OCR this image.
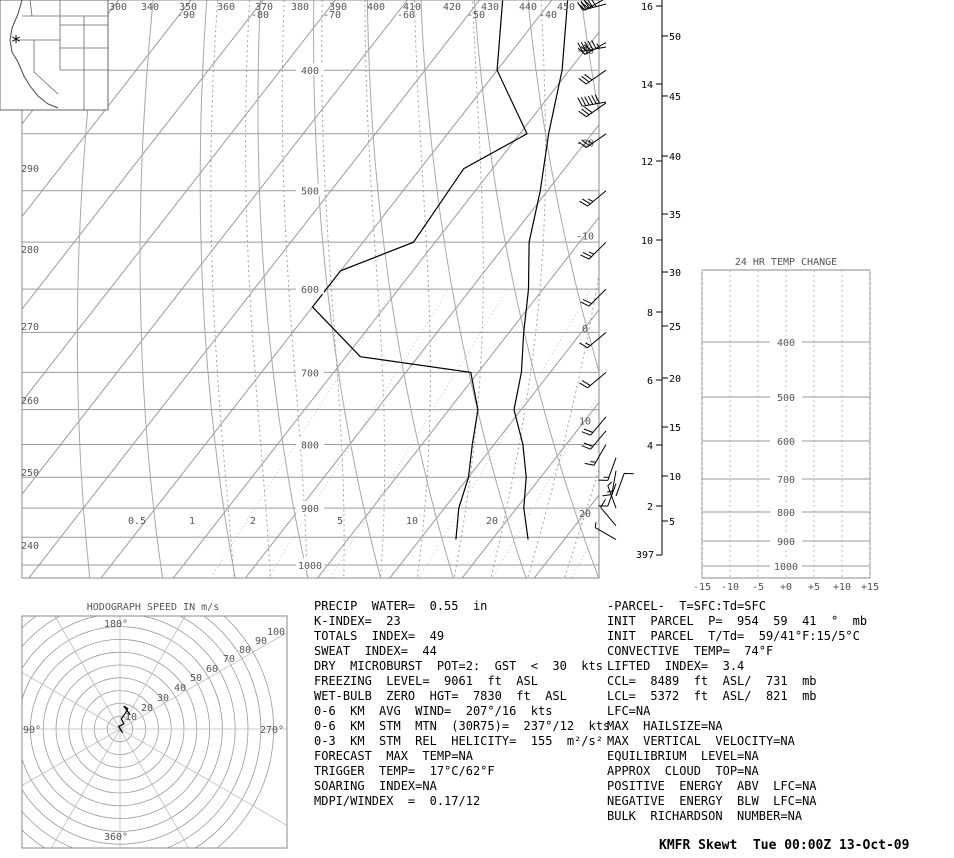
1000
900
800
700
600
500
400
-30
-20
-10
0
10
20
-90	-80	-70	-60	-50	-40
300 340 350 360 370 380 390 400 410 420 430 440 450
290
280
270
260
250
240
0.5	1	2	5	10	20
*
2
4
6
8
10
12
14
16
5
10
15
20
25
30
35
40
45
50
397
24 HR TEMP CHANGE
400
500
600
700
800
900
1000
-15 -10 -5 +0 +5 +10 +15
HODOGRAPH SPEED IN m/s
10
20
30
40
50
60
70
80
90
100
180°
360°
90°	270°
PRECIP  WATER=  0.55  in
K-INDEX=  23
TOTALS  INDEX=  49
SWEAT  INDEX=  44
DRY  MICROBURST  POT=2:  GST  <  30  kts
FREEZING  LEVEL=  9061  ft  ASL
WET-BULB  ZERO  HGT=  7830  ft  ASL
0-6  KM  AVG  WIND=  207°/16  kts
0-6  KM  STM  MTN  (30R75)=  237°/12  kts
0-3  KM  STM  REL  HELICITY=  155  m²/s²
FORECAST  MAX  TEMP=NA
TRIGGER  TEMP=  17°C/62°F
SOARING  INDEX=NA
MDPI/WINDEX  =  0.17/12
-PARCEL-  T=SFC:Td=SFC
INIT  PARCEL  P=  954  59  41  °  mb
INIT  PARCEL  T/Td=  59/41°F:15/5°C
CONVECTIVE  TEMP=  74°F
LIFTED  INDEX=  3.4
CCL=  8489  ft  ASL/  731  mb
LCL=  5372  ft  ASL/  821  mb
LFC=NA
MAX  HAILSIZE=NA
MAX  VERTICAL  VELOCITY=NA
EQUILIBRIUM  LEVEL=NA
APPROX  CLOUD  TOP=NA
POSITIVE  ENERGY  ABV  LFC=NA
NEGATIVE  ENERGY  BLW  LFC=NA
BULK  RICHARDSON  NUMBER=NA
KMFR Skewt  Tue 00:00Z 13-Oct-09
